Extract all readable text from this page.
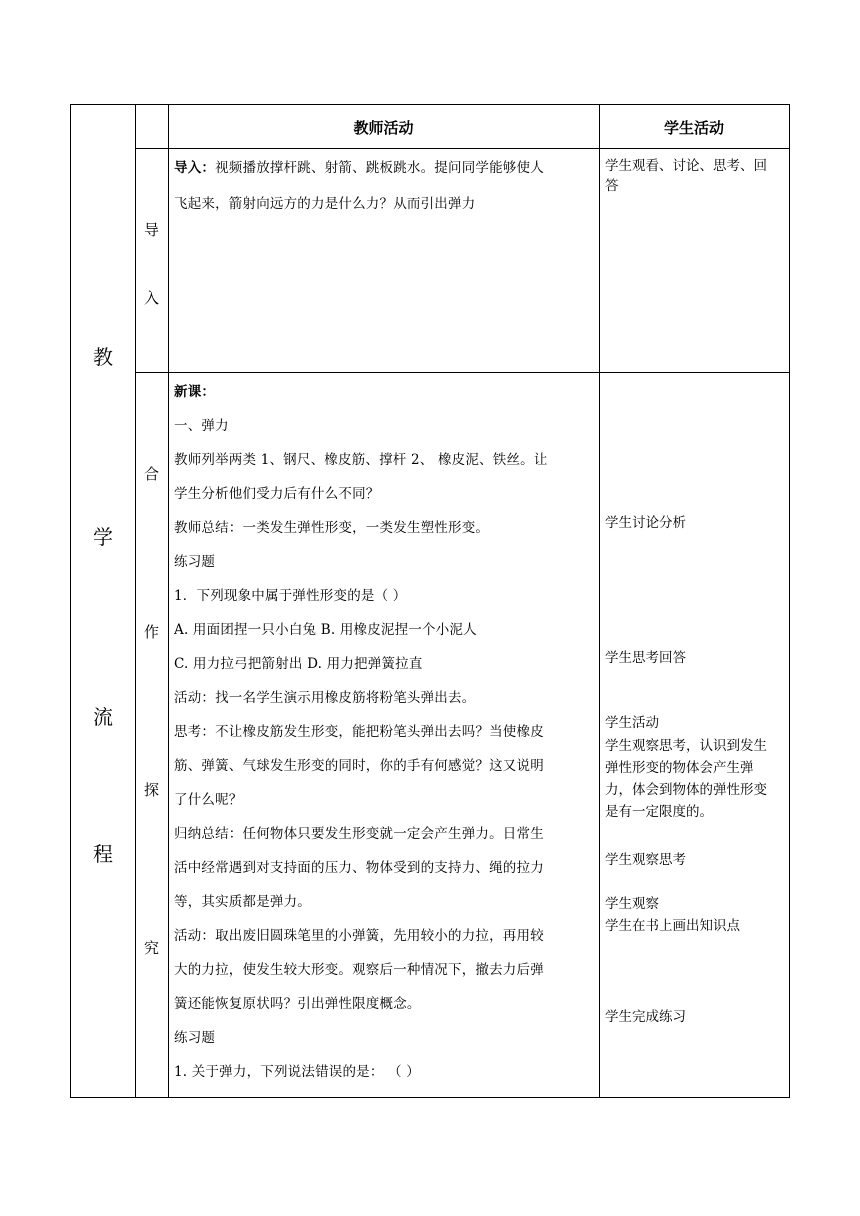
教师活动	学生活动
教
学
流
程
导
入
导入：视频播放撑杆跳、射箭、跳板跳水。提问同学能够使人
飞起来，箭射向远方的力是什么力？从而引出弹力
学生观看、讨论、思考、回
答
合
作
探
究
新课：
一、弹力
教师列举两类 1、钢尺、橡皮筋、撑杆 2、 橡皮泥、铁丝。让
学生分析他们受力后有什么不同？
教师总结：一类发生弹性形变，一类发生塑性形变。
练习题
1．下列现象中属于弹性形变的是（ ）
A. 用面团捏一只小白兔 B. 用橡皮泥捏一个小泥人
C. 用力拉弓把箭射出 D. 用力把弹簧拉直
活动：找一名学生演示用橡皮筋将粉笔头弹出去。
思考：不让橡皮筋发生形变，能把粉笔头弹出去吗？当使橡皮
筋、弹簧、气球发生形变的同时，你的手有何感觉？这又说明
了什么呢？
归纳总结：任何物体只要发生形变就一定会产生弹力。日常生
活中经常遇到对支持面的压力、物体受到的支持力、绳的拉力
等，其实质都是弹力。
活动：取出废旧圆珠笔里的小弹簧，先用较小的力拉，再用较
大的力拉，使发生较大形变。观察后一种情况下，撤去力后弹
簧还能恢复原状吗？引出弹性限度概念。
练习题
1. 关于弹力，下列说法错误的是： （ ）
学生讨论分析
学生思考回答
学生活动
学生观察思考，认识到发生
弹性形变的物体会产生弹
力，体会到物体的弹性形变
是有一定限度的。
学生观察思考
学生观察
学生在书上画出知识点
学生完成练习
